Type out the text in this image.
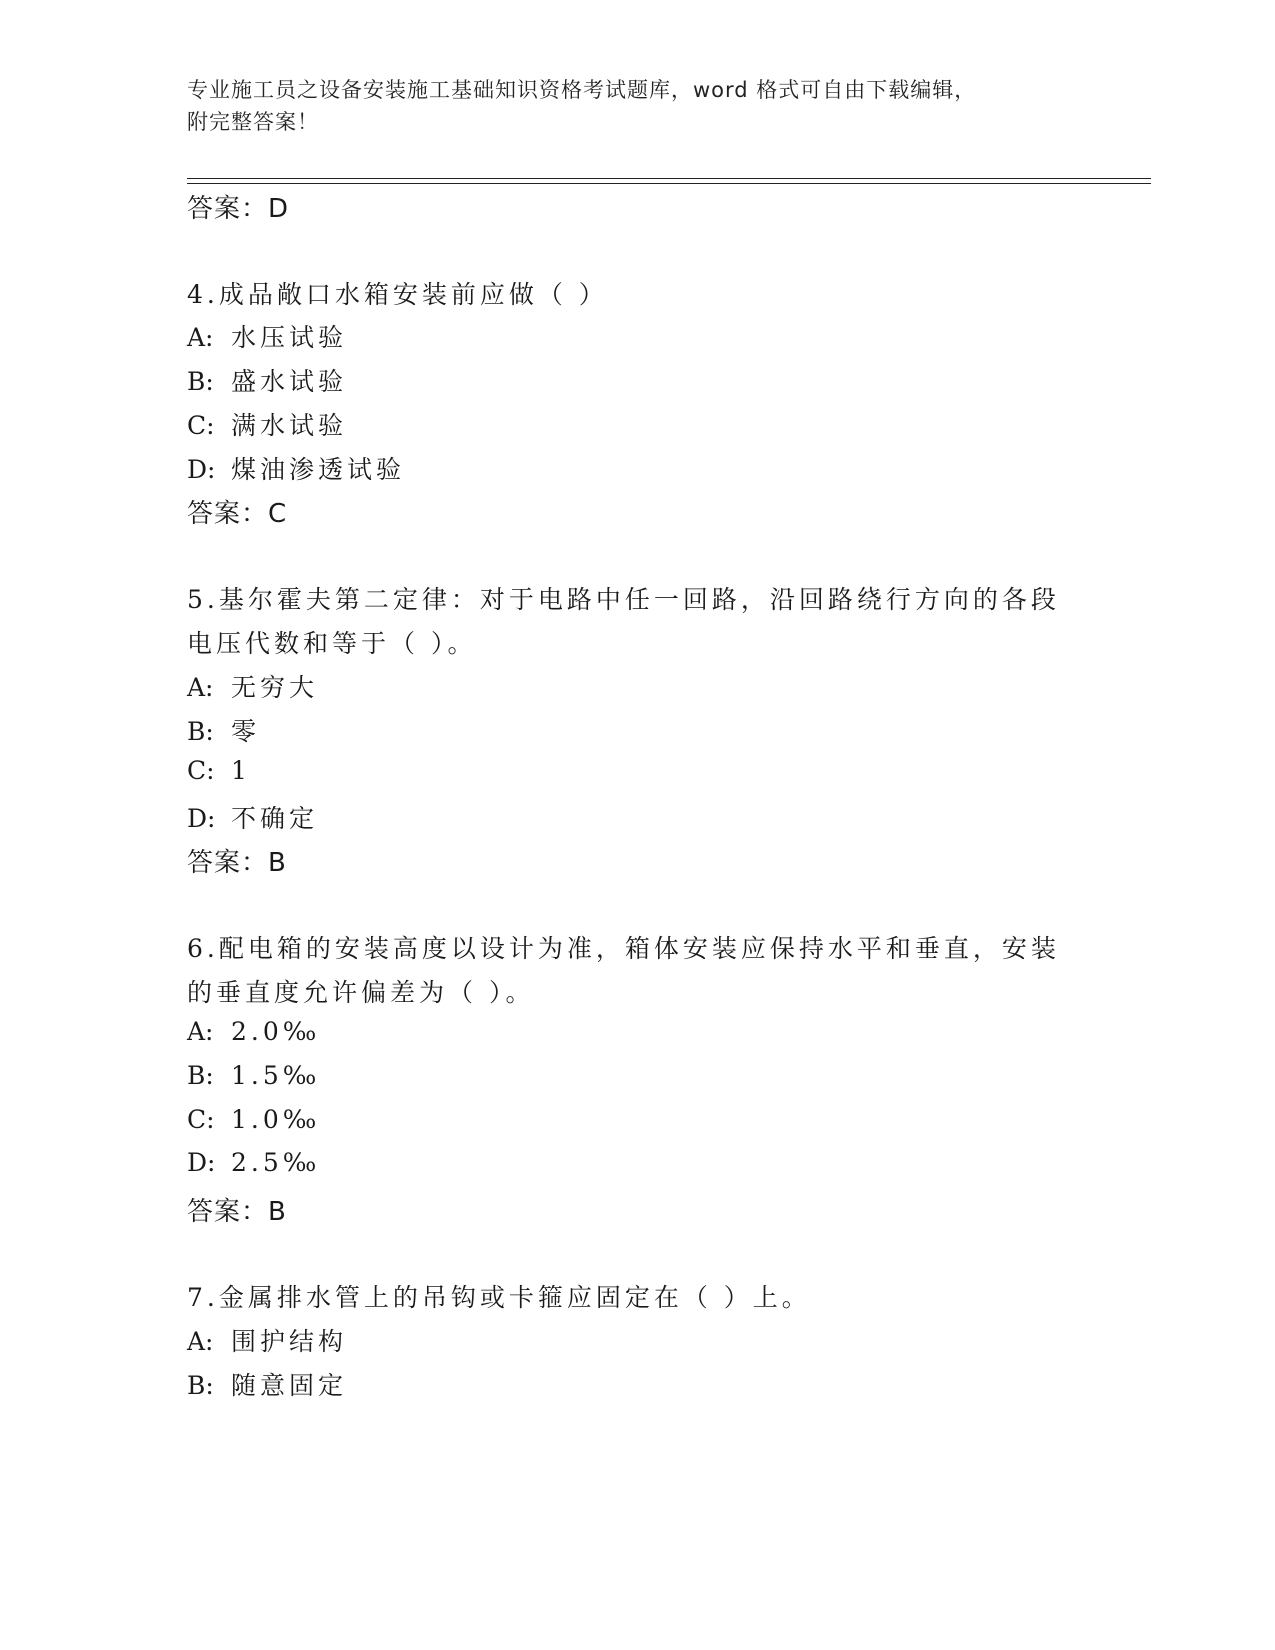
专业施工员之设备安装施工基础知识资格考试题库，word 格式可自由下载编辑，
附完整答案！
答案：D
4.成品敞口水箱安装前应做（ ）
A: 水压试验
B: 盛水试验
C: 满水试验
D: 煤油渗透试验
答案：C
5.基尔霍夫第二定律：对于电路中任一回路，沿回路绕行方向的各段
电压代数和等于（ ）。
A: 无穷大
B: 零
C: 1
D: 不确定
答案：B
6.配电箱的安装高度以设计为准，箱体安装应保持水平和垂直，安装
的垂直度允许偏差为（ ）。
A: 2.0‰
B: 1.5‰
C: 1.0‰
D: 2.5‰
答案：B
7.金属排水管上的吊钩或卡箍应固定在（ ）上。
A: 围护结构
B: 随意固定
